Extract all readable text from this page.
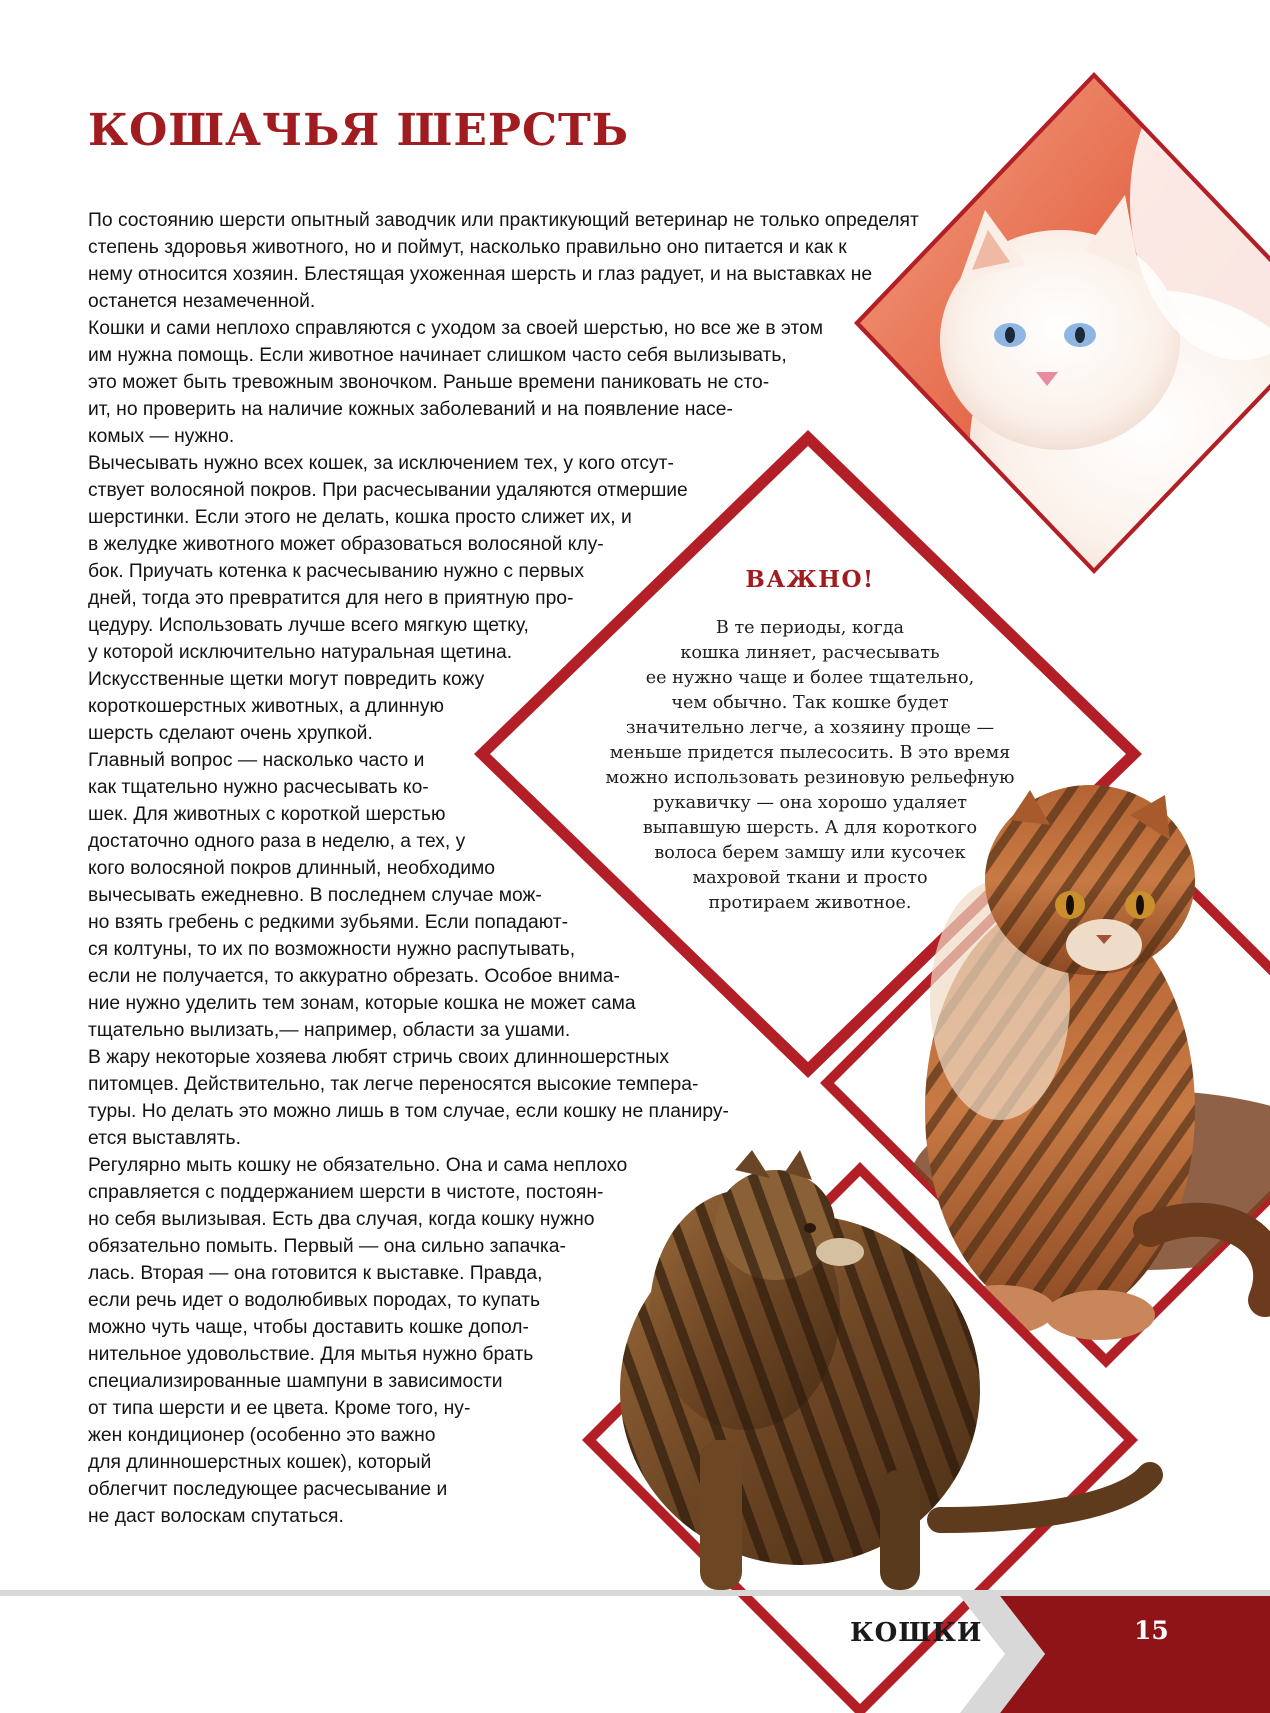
КОШАЧЬЯ ШЕРСТЬ
По состоянию шерсти опытный заводчик или практикующий ветеринар не только определят
степень здоровья животного, но и поймут, насколько правильно оно питается и как к
нему относится хозяин. Блестящая ухоженная шерсть и глаз радует, и на выставках не
останется незамеченной.
Кошки и сами неплохо справляются с уходом за своей шерстью, но все же в этом
им нужна помощь. Если животное начинает слишком часто себя вылизывать,
это может быть тревожным звоночком. Раньше времени паниковать не сто-
ит, но проверить на наличие кожных заболеваний и на появление насе-
комых — нужно.
Вычесывать нужно всех кошек, за исключением тех, у кого отсут-
ствует волосяной покров. При расчесывании удаляются отмершие
шерстинки. Если этого не делать, кошка просто слижет их, и
в желудке животного может образоваться волосяной клу-
бок. Приучать котенка к расчесыванию нужно с первых
дней, тогда это превратится для него в приятную про-
цедуру. Использовать лучше всего мягкую щетку,
у которой исключительно натуральная щетина.
Искусственные щетки могут повредить кожу
короткошерстных животных, а длинную
шерсть сделают очень хрупкой.
Главный вопрос — насколько часто и
как тщательно нужно расчесывать ко-
шек. Для животных с короткой шерстью
достаточно одного раза в неделю, а тех, у
кого волосяной покров длинный, необходимо
вычесывать ежедневно. В последнем случае мож-
но взять гребень с редкими зубьями. Если попадают-
ся колтуны, то их по возможности нужно распутывать,
если не получается, то аккуратно обрезать. Особое внима-
ние нужно уделить тем зонам, которые кошка не может сама
тщательно вылизать,— например, области за ушами.
В жару некоторые хозяева любят стричь своих длинношерстных
питомцев. Действительно, так легче переносятся высокие темпера-
туры. Но делать это можно лишь в том случае, если кошку не планиру-
ется выставлять.
Регулярно мыть кошку не обязательно. Она и сама неплохо
справляется с поддержанием шерсти в чистоте, постоян-
но себя вылизывая. Есть два случая, когда кошку нужно
обязательно помыть. Первый — она сильно запачка-
лась. Вторая — она готовится к выставке. Правда,
если речь идет о водолюбивых породах, то купать
можно чуть чаще, чтобы доставить кошке допол-
нительное удовольствие. Для мытья нужно брать
специализированные шампуни в зависимости
от типа шерсти и ее цвета. Кроме того, ну-
жен кондиционер (особенно это важно
для длинношерстных кошек), который
облегчит последующее расчесывание и
не даст волоскам спутаться.
ВАЖНО!
В те периоды, когда
кошка линяет, расчесывать
ее нужно чаще и более тщательно,
чем обычно. Так кошке будет
значительно легче, а хозяину проще —
меньше придется пылесосить. В это время
можно использовать резиновую рельефную
рукавичку — она хорошо удаляет
выпавшую шерсть. А для короткого
волоса берем замшу или кусочек
махровой ткани и просто
протираем животное.
КОШКИ	15
